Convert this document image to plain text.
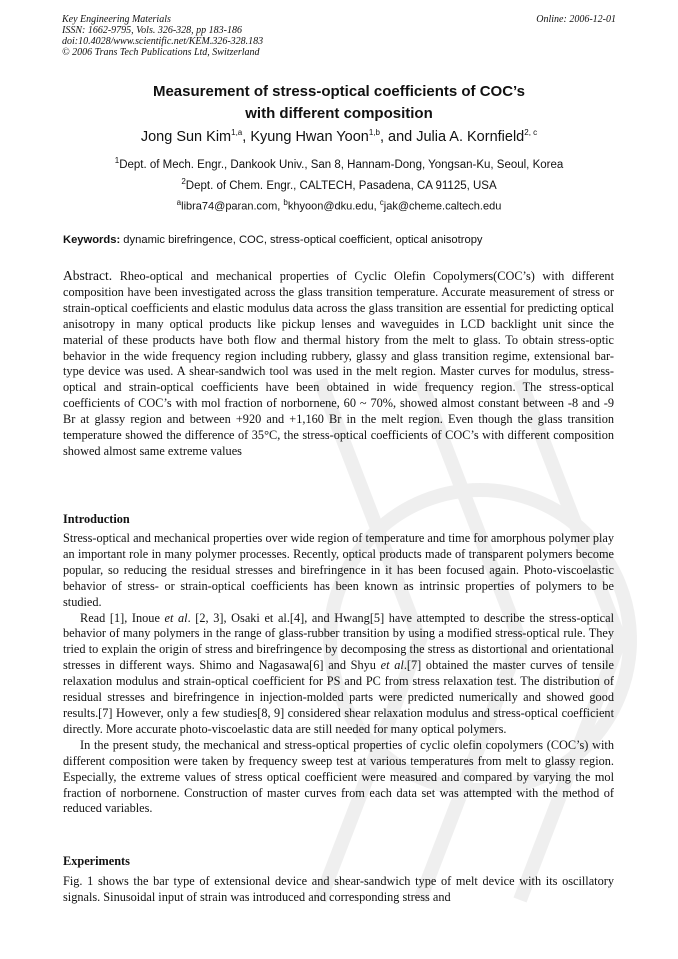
Key Engineering Materials
ISSN: 1662-9795, Vols. 326-328, pp 183-186
doi:10.4028/www.scientific.net/KEM.326-328.183
© 2006 Trans Tech Publications Ltd, Switzerland
Online: 2006-12-01
Measurement of stress-optical coefficients of COC’s
with different composition
Jong Sun Kim$^{1,a}$, Kyung Hwan Yoon$^{1,b}$, and Julia A. Kornfield$^{2, c}$
$^1$Dept. of Mech. Engr., Dankook Univ., San 8, Hannam-Dong, Yongsan-Ku, Seoul, Korea
$^2$Dept. of Chem. Engr., CALTECH, Pasadena, CA 91125, USA
$^a$libra74@paran.com, $^b$khyoon@dku.edu, $^c$jak@cheme.caltech.edu
Keywords: dynamic birefringence, COC, stress-optical coefficient, optical anisotropy
Abstract. Rheo-optical and mechanical properties of Cyclic Olefin Copolymers(COC’s) with different composition have been investigated across the glass transition temperature. Accurate measurement of stress or strain-optical coefficients and elastic modulus data across the glass transition are essential for predicting optical anisotropy in many optical products like pickup lenses and waveguides in LCD backlight unit since the material of these products have both flow and thermal history from the melt to glass. To obtain stress-optic behavior in the wide frequency region including rubbery, glassy and glass transition regime, extensional bar-type device was used. A shear-sandwich tool was used in the melt region. Master curves for modulus, stress-optical and strain-optical coefficients have been obtained in wide frequency region. The stress-optical coefficients of COC’s with mol fraction of norbornene, 60 ~ 70%, showed almost constant between -8 and -9 Br at glassy region and between +920 and +1,160 Br in the melt region. Even though the glass transition temperature showed the difference of 35°C, the stress-optical coefficients of COC’s with different composition showed almost same extreme values
Introduction

Stress-optical and mechanical properties over wide region of temperature and time for amorphous polymer play an important role in many polymer processes. Recently, optical products made of transparent polymers become popular, so reducing the residual stresses and birefringence in it has been focused again. Photo-viscoelastic behavior of stress- or strain-optical coefficients has been known as intrinsic properties of polymers to be studied.

Read [1], Inoue et al. [2, 3], Osaki et al.[4], and Hwang[5] have attempted to describe the stress-optical behavior of many polymers in the range of glass-rubber transition by using a modified stress-optical rule. They tried to explain the origin of stress and birefringence by decomposing the stress as distortional and orientational stresses in different ways. Shimo and Nagasawa[6] and Shyu et al.[7] obtained the master curves of tensile relaxation modulus and strain-optical coefficient for PS and PC from stress relaxation test. The distribution of residual stresses and birefringence in injection-molded parts were predicted numerically and showed good results.[7] However, only a few studies[8, 9] considered shear relaxation modulus and stress-optical coefficient directly. More accurate photo-viscoelastic data are still needed for many optical polymers.

In the present study, the mechanical and stress-optical properties of cyclic olefin copolymers (COC’s) with different composition were taken by frequency sweep test at various temperatures from melt to glassy region. Especially, the extreme values of stress optical coefficient were measured and compared by varying the mol fraction of norbornene. Construction of master curves from each data set was attempted with the method of reduced variables.

Experiments

Fig. 1 shows the bar type of extensional device and shear-sandwich type of melt device with its oscillatory signals. Sinusoidal input of strain was introduced and corresponding stress and
